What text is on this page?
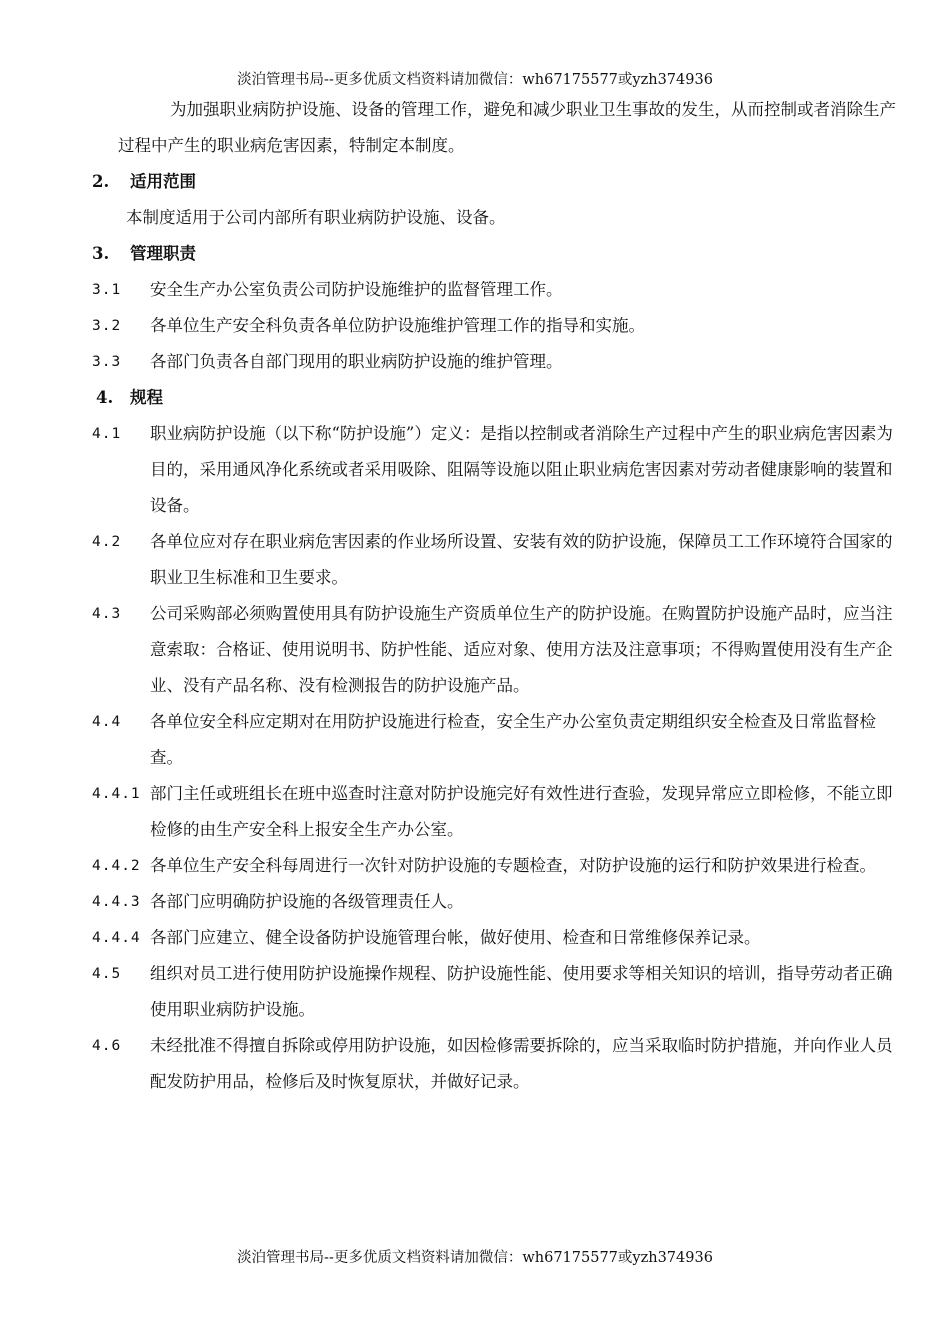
淡泊管理书局--更多优质文档资料请加微信：wh67175577或yzh374936
为加强职业病防护设施、设备的管理工作，避免和减少职业卫生事故的发生，从而控制或者消除生产过程中产生的职业病危害因素，特制定本制度。
2.	适用范围
本制度适用于公司内部所有职业病防护设施、设备。
3.	管理职责
3.1	安全生产办公室负责公司防护设施维护的监督管理工作。
3.2	各单位生产安全科负责各单位防护设施维护管理工作的指导和实施。
3.3	各部门负责各自部门现用的职业病防护设施的维护管理。
4.	规程
4.1	职业病防护设施（以下称“防护设施”）定义：是指以控制或者消除生产过程中产生的职业病危害因素为目的，采用通风净化系统或者采用吸除、阻隔等设施以阻止职业病危害因素对劳动者健康影响的装置和设备。
4.2	各单位应对存在职业病危害因素的作业场所设置、安装有效的防护设施，保障员工工作环境符合国家的职业卫生标准和卫生要求。
4.3	公司采购部必须购置使用具有防护设施生产资质单位生产的防护设施。在购置防护设施产品时，应当注意索取：合格证、使用说明书、防护性能、适应对象、使用方法及注意事项；不得购置使用没有生产企业、没有产品名称、没有检测报告的防护设施产品。
4.4	各单位安全科应定期对在用防护设施进行检查，安全生产办公室负责定期组织安全检查及日常监督检查。
4.4.1 部门主任或班组长在班中巡查时注意对防护设施完好有效性进行查验，发现异常应立即检修，不能立即检修的由生产安全科上报安全生产办公室。
4.4.2 各单位生产安全科每周进行一次针对防护设施的专题检查，对防护设施的运行和防护效果进行检查。
4.4.3 各部门应明确防护设施的各级管理责任人。
4.4.4 各部门应建立、健全设备防护设施管理台帐，做好使用、检查和日常维修保养记录。
4.5	组织对员工进行使用防护设施操作规程、防护设施性能、使用要求等相关知识的培训，指导劳动者正确使用职业病防护设施。
4.6	未经批准不得擅自拆除或停用防护设施，如因检修需要拆除的，应当采取临时防护措施，并向作业人员配发防护用品，检修后及时恢复原状，并做好记录。
淡泊管理书局--更多优质文档资料请加微信：wh67175577或yzh374936
